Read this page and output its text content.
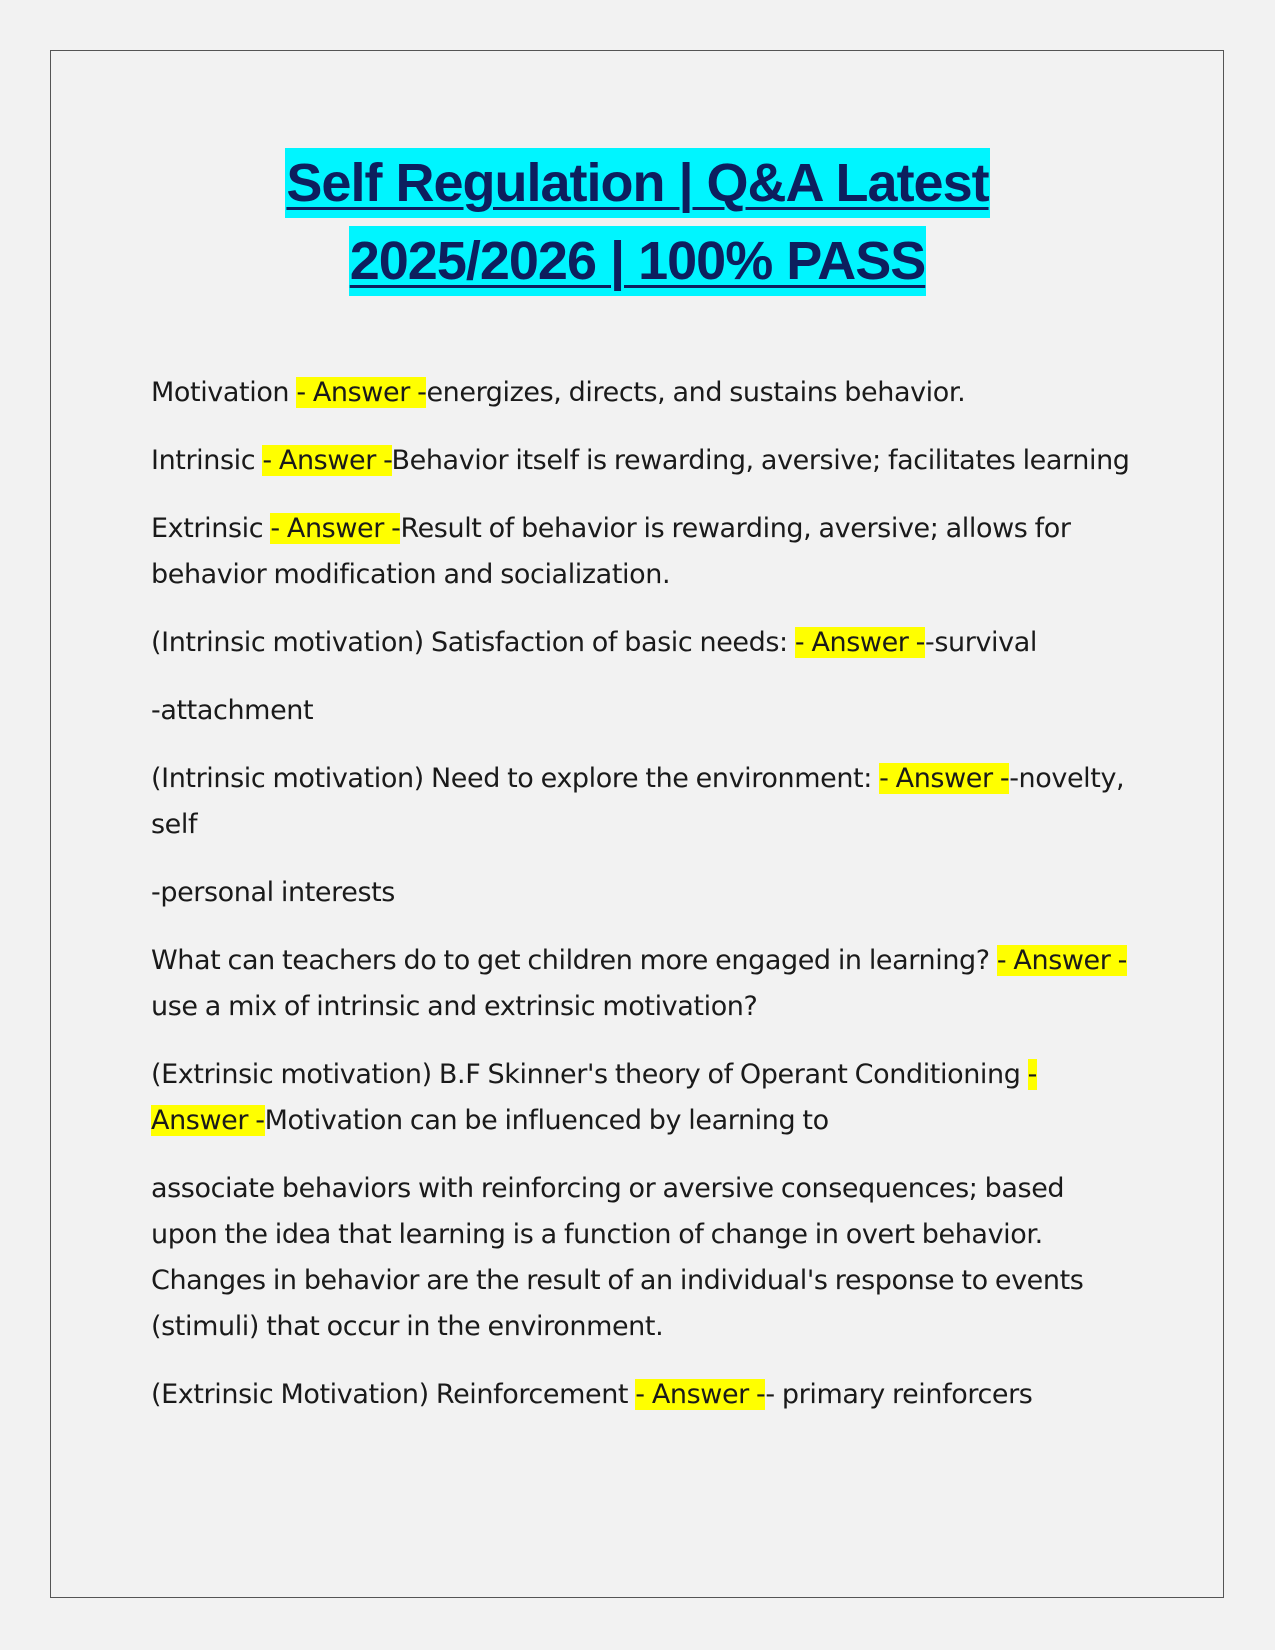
Self Regulation | Q&A Latest
2025/2026 | 100% PASS

Motivation - Answer -energizes, directs, and sustains behavior.

Intrinsic - Answer -Behavior itself is rewarding, aversive; facilitates learning

Extrinsic - Answer -Result of behavior is rewarding, aversive; allows for behavior modification and socialization.

(Intrinsic motivation) Satisfaction of basic needs: - Answer --survival

-attachment

(Intrinsic motivation) Need to explore the environment: - Answer --novelty, self

-personal interests

What can teachers do to get children more engaged in learning? - Answer -use a mix of intrinsic and extrinsic motivation?

(Extrinsic motivation) B.F Skinner's theory of Operant Conditioning - Answer -Motivation can be influenced by learning to

associate behaviors with reinforcing or aversive consequences; based upon the idea that learning is a function of change in overt behavior. Changes in behavior are the result of an individual's response to events (stimuli) that occur in the environment.

(Extrinsic Motivation) Reinforcement - Answer -- primary reinforcers
